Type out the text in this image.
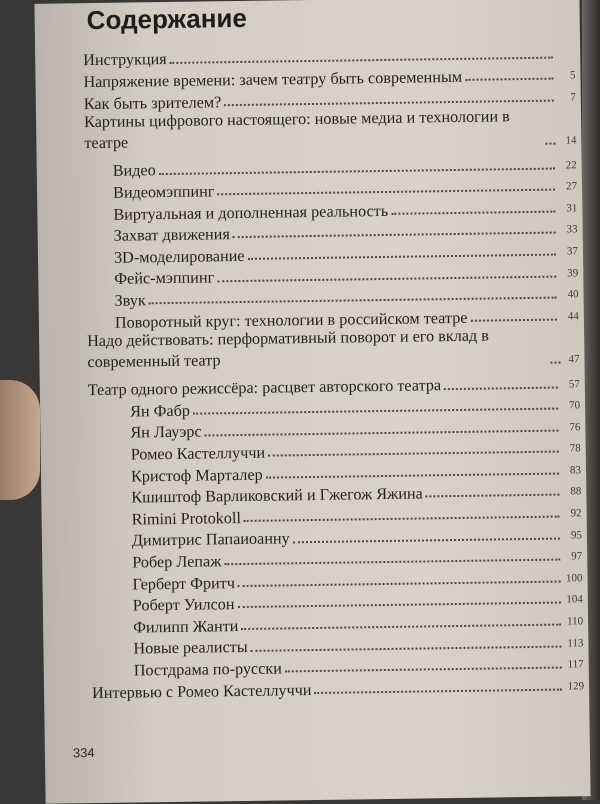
Содержание
Инструкция
Напряжение времени: зачем театру быть современным	5
Как быть зрителем?	7
Картины цифрового настоящего: новые медиа и технологии в театре	14
Видео	22
Видеомэппинг	27
Виртуальная и дополненная реальность	31
Захват движения	33
3D-моделирование	37
Фейс-мэппинг	39
Звук	40
Поворотный круг: технологии в российском театре	44
Надо действовать: перформативный поворот и его вклад в современный театр	47
Театр одного режиссёра: расцвет авторского театра	57
Ян Фабр	70
Ян Лауэрс	76
Ромео Кастеллуччи	78
Кристоф Марталер	83
Кшиштоф Варликовский и Гжегож Яжина	88
Rimini Protokoll	92
Димитрис Папаиоанну	95
Робер Лепаж	97
Герберт Фритч	100
Роберт Уилсон	104
Филипп Жанти	110
Новые реалисты	113
Постдрама по-русски	117
Интервью с Ромео Кастеллуччи	129
334
